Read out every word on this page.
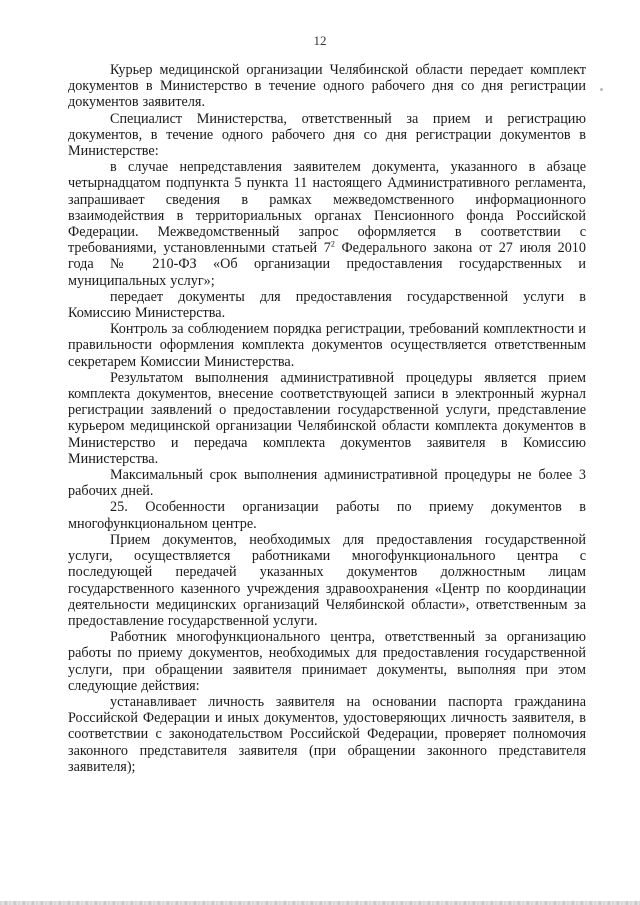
12

Курьер медицинской организации Челябинской области передает комплект документов в Министерство в течение одного рабочего дня со дня регистрации документов заявителя.

Специалист Министерства, ответственный за прием и регистрацию документов, в течение одного рабочего дня со дня регистрации документов в Министерстве:

в случае непредставления заявителем документа, указанного в абзаце четырнадцатом подпункта 5 пункта 11 настоящего Административного регламента, запрашивает сведения в рамках межведомственного информационного взаимодействия в территориальных органах Пенсионного фонда Российской Федерации. Межведомственный запрос оформляется в соответствии с требованиями, установленными статьей $7^2$ Федерального закона от 27 июля 2010 года № 210-ФЗ «Об организации предоставления государственных и муниципальных услуг»;

передает документы для предоставления государственной услуги в Комиссию Министерства.

Контроль за соблюдением порядка регистрации, требований комплектности и правильности оформления комплекта документов осуществляется ответственным секретарем Комиссии Министерства.

Результатом выполнения административной процедуры является прием комплекта документов, внесение соответствующей записи в электронный журнал регистрации заявлений о предоставлении государственной услуги, представление курьером медицинской организации Челябинской области комплекта документов в Министерство и передача комплекта документов заявителя в Комиссию Министерства.

Максимальный срок выполнения административной процедуры не более 3 рабочих дней.

25. Особенности организации работы по приему документов в многофункциональном центре.

Прием документов, необходимых для предоставления государственной услуги, осуществляется работниками многофункционального центра с последующей передачей указанных документов должностным лицам государственного казенного учреждения здравоохранения «Центр по координации деятельности медицинских организаций Челябинской области», ответственным за предоставление государственной услуги.

Работник многофункционального центра, ответственный за организацию работы по приему документов, необходимых для предоставления государственной услуги, при обращении заявителя принимает документы, выполняя при этом следующие действия:

устанавливает личность заявителя на основании паспорта гражданина Российской Федерации и иных документов, удостоверяющих личность заявителя, в соответствии с законодательством Российской Федерации, проверяет полномочия законного представителя заявителя (при обращении законного представителя заявителя);
